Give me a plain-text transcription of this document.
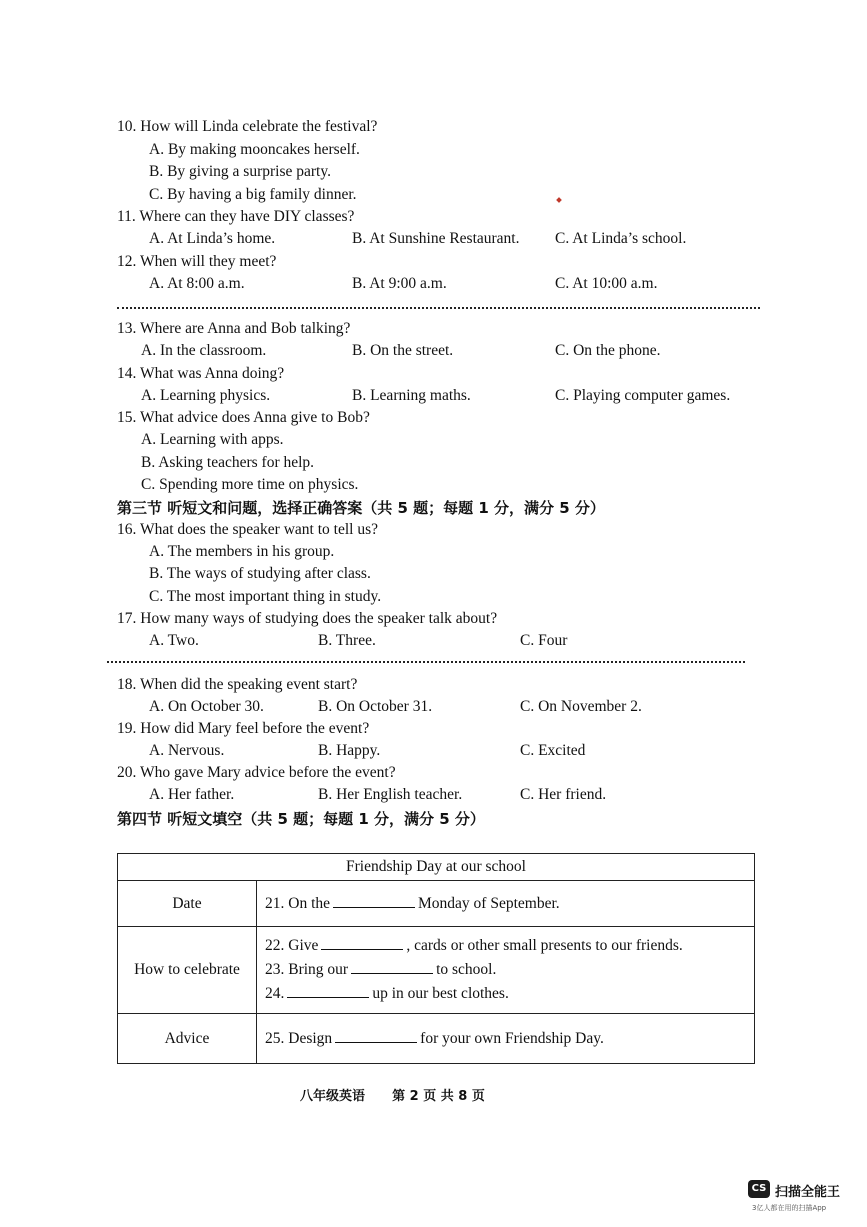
10. How will Linda celebrate the festival?
A. By making mooncakes herself.
B. By giving a surprise party.
C. By having a big family dinner.
11. Where can they have DIY classes?
A. At Linda’s home.	B. At Sunshine Restaurant. C. At Linda’s school.
12. When will they meet?
A. At 8:00 a.m.	B. At 9:00 a.m.	C. At 10:00 a.m.
13. Where are Anna and Bob talking?
A. In the classroom.	B. On the street.	C. On the phone.
14. What was Anna doing?
A. Learning physics.	B. Learning maths.	C. Playing computer games.
15. What advice does Anna give to Bob?
A. Learning with apps.
B. Asking teachers for help.
C. Spending more time on physics.
第三节 听短文和问题，选择正确答案（共 5 题；每题 1 分，满分 5 分）
16. What does the speaker want to tell us?
A. The members in his group.
B. The ways of studying after class.
C. The most important thing in study.
17. How many ways of studying does the speaker talk about?
A. Two.	B. Three.	C. Four
18. When did the speaking event start?
A. On October 30.	B. On October 31.	C. On November 2.
19. How did Mary feel before the event?
A. Nervous.	B. Happy.	C. Excited
20. Who gave Mary advice before the event?
A. Her father.	B. Her English teacher.	C. Her friend.
第四节 听短文填空（共 5 题；每题 1 分，满分 5 分）
Friendship Day at our school	
Date	21. On the Monday of September.

How to celebrate	22. Give , cards or other small presents to our friends.
23. Bring our to school.
24. up in our best clothes.

Advice	25. Design for your own Friendship Day.
八年级英语      第 2 页 共 8 页
CS 扫描全能王
3亿人都在用的扫描App
